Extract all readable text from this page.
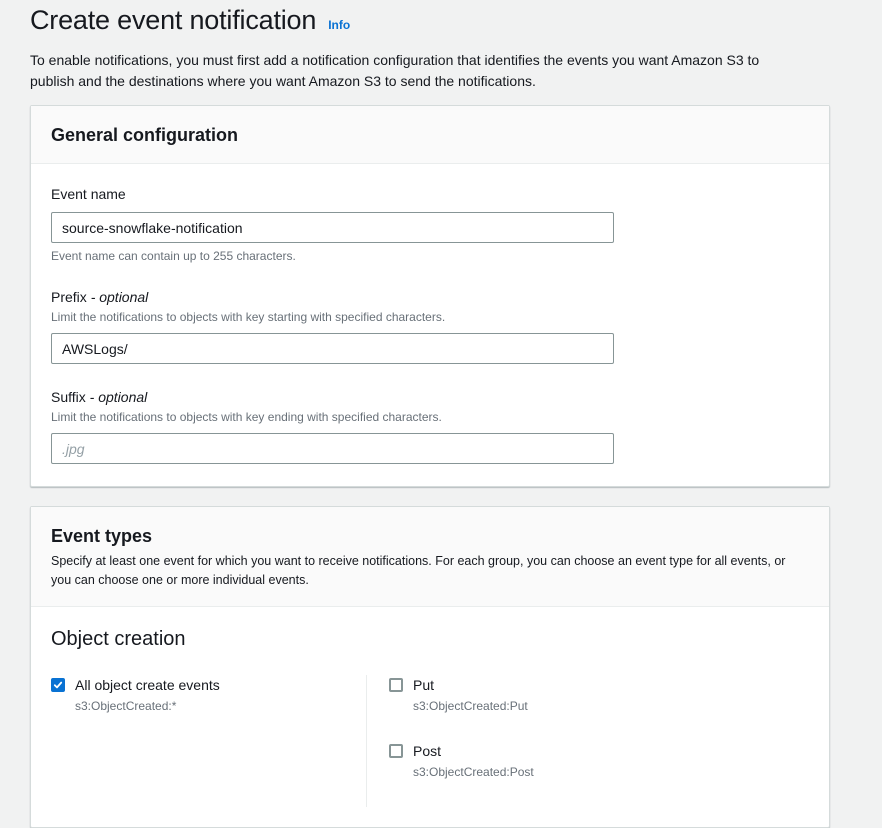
Create event notification Info

To enable notifications, you must first add a notification configuration that identifies the events you want Amazon S3 to publish and the destinations where you want Amazon S3 to send the notifications.

General configuration
Event name
source-snowflake-notification
Event name can contain up to 255 characters.
Prefix - optional
Limit the notifications to objects with key starting with specified characters.
AWSLogs/
Suffix - optional
Limit the notifications to objects with key ending with specified characters.
.jpg
Event types
Specify at least one event for which you want to receive notifications. For each group, you can choose an event type for all events, or you can choose one or more individual events.
Object creation
All object create events
s3:ObjectCreated:*
Put
s3:ObjectCreated:Put
Post
s3:ObjectCreated:Post
